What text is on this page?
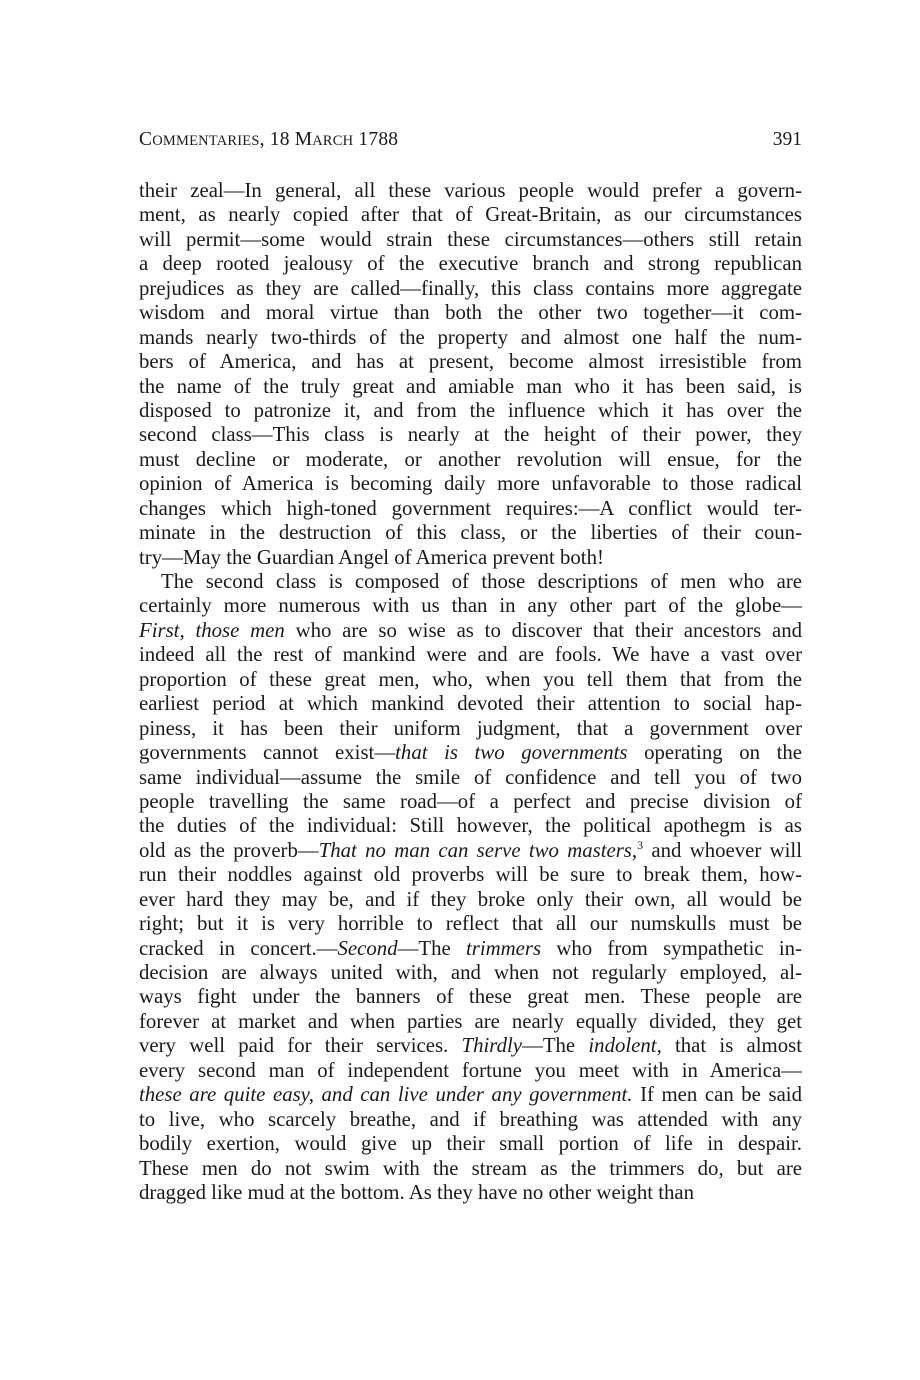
COMMENTARIES, 18 MARCH 1788	391
their zeal—In general, all these various people would prefer a govern-
ment, as nearly copied after that of Great-Britain, as our circumstances
will permit—some would strain these circumstances—others still retain
a deep rooted jealousy of the executive branch and strong republican
prejudices as they are called—finally, this class contains more aggregate
wisdom and moral virtue than both the other two together—it com-
mands nearly two-thirds of the property and almost one half the num-
bers of America, and has at present, become almost irresistible from
the name of the truly great and amiable man who it has been said, is
disposed to patronize it, and from the influence which it has over the
second class—This class is nearly at the height of their power, they
must decline or moderate, or another revolution will ensue, for the
opinion of America is becoming daily more unfavorable to those radical
changes which high-toned government requires:—A conflict would ter-
minate in the destruction of this class, or the liberties of their coun-
try—May the Guardian Angel of America prevent both!
The second class is composed of those descriptions of men who are
certainly more numerous with us than in any other part of the globe—
First, those men who are so wise as to discover that their ancestors and
indeed all the rest of mankind were and are fools. We have a vast over
proportion of these great men, who, when you tell them that from the
earliest period at which mankind devoted their attention to social hap-
piness, it has been their uniform judgment, that a government over
governments cannot exist—that is two governments operating on the
same individual—assume the smile of confidence and tell you of two
people travelling the same road—of a perfect and precise division of
the duties of the individual: Still however, the political apothegm is as
old as the proverb—That no man can serve two masters,$^3$ and whoever will
run their noddles against old proverbs will be sure to break them, how-
ever hard they may be, and if they broke only their own, all would be
right; but it is very horrible to reflect that all our numskulls must be
cracked in concert.—Second—The trimmers who from sympathetic in-
decision are always united with, and when not regularly employed, al-
ways fight under the banners of these great men. These people are
forever at market and when parties are nearly equally divided, they get
very well paid for their services. Thirdly—The indolent, that is almost
every second man of independent fortune you meet with in America—
these are quite easy, and can live under any government. If men can be said
to live, who scarcely breathe, and if breathing was attended with any
bodily exertion, would give up their small portion of life in despair.
These men do not swim with the stream as the trimmers do, but are
dragged like mud at the bottom. As they have no other weight than
